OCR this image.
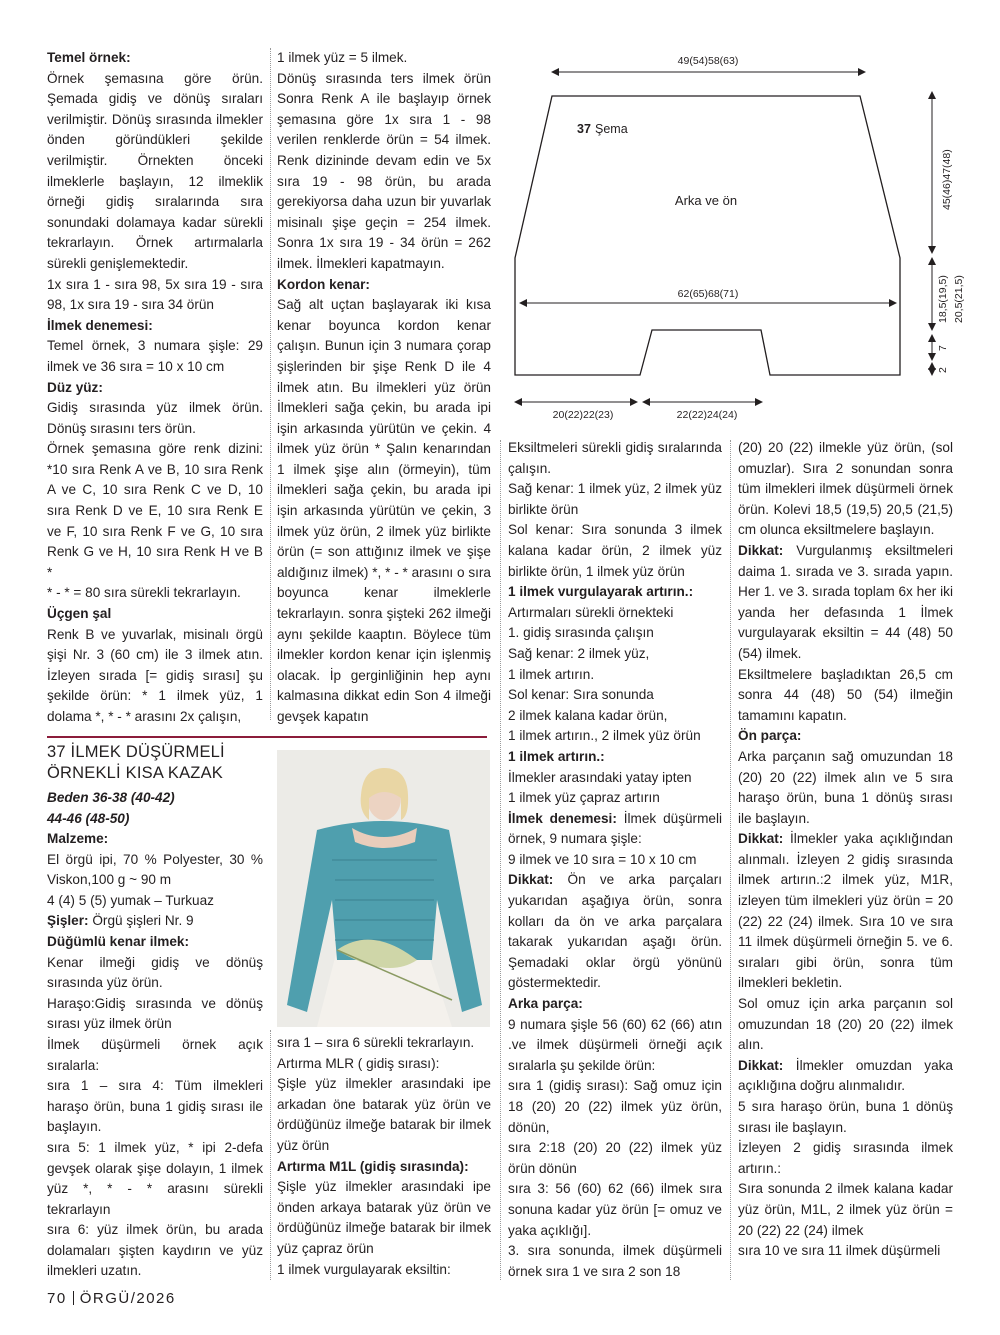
Temel örnek:

Örnek şemasına göre örün. Şemada gidiş ve dönüş sıraları verilmiştir. Dönüş sırasında ilmekler önden göründükleri şekilde verilmiştir. Örnekten önceki ilmeklerle başlayın, 12 ilmeklik örneği gidiş sıralarında sıra sonundaki dolamaya kadar sürekli tekrarlayın. Örnek artırmalarla sürekli genişlemektedir.

1x sıra 1 - sıra 98, 5x sıra 19 - sıra 98, 1x sıra 19 - sıra 34 örün

İlmek denemesi:

Temel örnek, 3 numara şişle: 29 ilmek ve 36 sıra = 10 x 10 cm

Düz yüz:

Gidiş sırasında yüz ilmek örün. Dönüş sırasını ters örün.

Örnek şemasına göre renk dizini: *10 sıra Renk A ve B, 10 sıra Renk A ve C, 10 sıra Renk C ve D, 10 sıra Renk D ve E, 10 sıra Renk E ve F, 10 sıra Renk F ve G, 10 sıra Renk G ve H, 10 sıra Renk H ve B *

* - * = 80 sıra sürekli tekrarlayın.

Üçgen şal

Renk B ve yuvarlak, misinalı örgü şişi Nr. 3 (60 cm) ile 3 ilmek atın. İzleyen sırada [= gidiş sırası] şu şekilde örün: * 1 ilmek yüz, 1 dolama *, * - * arasını 2x çalışın,

1 ilmek yüz = 5 ilmek.

Dönüş sırasında ters ilmek örün Sonra Renk A ile başlayıp örnek şemasına göre 1x sıra 1 - 98 verilen renklerde örün = 54 ilmek. Renk dizininde devam edin ve 5x sıra 19 - 98 örün, bu arada gerekiyorsa daha uzun bir yuvarlak misinalı şişe geçin = 254 ilmek. Sonra 1x sıra 19 - 34 örün = 262 ilmek. İlmekleri kapatmayın.

Kordon kenar:

Sağ alt uçtan başlayarak iki kısa kenar boyunca kordon kenar çalışın. Bunun için 3 numara çorap şişlerinden bir şişe Renk D ile 4 ilmek atın. Bu ilmekleri yüz örün İlmekleri sağa çekin, bu arada ipi işin arkasında yürütün ve çekin. 4 ilmek yüz örün * Şalın kenarından 1 ilmek şişe alın (örmeyin), tüm ilmekleri sağa çekin, bu arada ipi işin arkasında yürütün ve çekin, 3 ilmek yüz örün, 2 ilmek yüz birlikte örün (= son attığınız ilmek ve şişe aldığınız ilmek) *, * - * arasını o sıra boyunca kenar ilmeklerle tekrarlayın. sonra şişteki 262 ilmeği aynı şekilde kaaptın. Böylece tüm ilmekler kordon kenar için işlenmiş olacak. İp gerginliğinin hep aynı kalmasına dikkat edin Son 4 ilmeği gevşek kapatın

37 İLMEK DÜŞÜRMELİ ÖRNEKLİ KISA KAZAK
Beden 36-38 (40-42)
44-46 (48-50)

Malzeme:

El örgü ipi, 70 % Polyester, 30 % Viskon,100 g ~ 90 m

4 (4) 5 (5) yumak – Turkuaz

Şişler: Örgü şişleri Nr. 9

Düğümlü kenar ilmek:

Kenar ilmeği gidiş ve dönüş sırasında yüz örün.

Haraşo:Gidiş sırasında ve dönüş sırası yüz ilmek örün

İlmek düşürmeli örnek açık sıralarla:

sıra 1 – sıra 4: Tüm ilmekleri haraşo örün, buna 1 gidiş sırası ile başlayın.

sıra 5: 1 ilmek yüz, * ipi 2-defa gevşek olarak şişe dolayın, 1 ilmek yüz *, * - * arasını sürekli tekrarlayın

sıra 6: yüz ilmek örün, bu arada dolamaları şişten kaydırın ve yüz ilmekleri uzatın.

sıra 1 – sıra 6 sürekli tekrarlayın.

Artırma MLR ( gidiş sırası):

Şişle yüz ilmekler arasındaki ipe arkadan öne batarak yüz örün ve ördüğünüz ilmeğe batarak bir ilmek yüz örün

Artırma M1L (gidiş sırasında):

Şişle yüz ilmekler arasındaki ipe önden arkaya batarak yüz örün ve ördüğünüz ilmeğe batarak bir ilmek yüz çapraz örün

1 ilmek vurgulayarak eksiltin:

Eksiltmeleri sürekli gidiş sıralarında çalışın.

Sağ kenar: 1 ilmek yüz, 2 ilmek yüz birlikte örün

Sol kenar: Sıra sonunda 3 ilmek kalana kadar örün, 2 ilmek yüz birlikte örün, 1 ilmek yüz örün

1 ilmek vurgulayarak artırın.:

Artırmaları sürekli örnekteki

1. gidiş sırasında çalışın

Sağ kenar: 2 ilmek yüz,

1 ilmek artırın.

Sol kenar: Sıra sonunda

2 ilmek kalana kadar örün,

1 ilmek artırın., 2 ilmek yüz örün

1 ilmek artırın.:

İlmekler arasındaki yatay ipten

1 ilmek yüz çapraz artırın

İlmek denemesi: İlmek düşürmeli örnek, 9 numara şişle:

9 ilmek ve 10 sıra = 10 x 10 cm

Dikkat: Ön ve arka parçaları yukarıdan aşağıya örün, sonra kolları da ön ve arka parçalara takarak yukarıdan aşağı örün. Şemadaki oklar örgü yönünü göstermektedir.

Arka parça:

9 numara şişle 56 (60) 62 (66) atın .ve ilmek düşürmeli örneği açık sıralarla şu şekilde örün:

sıra 1 (gidiş sırası): Sağ omuz için 18 (20) 20 (22) ilmek yüz örün, dönün,

sıra 2:18 (20) 20 (22) ilmek yüz örün dönün

sıra 3: 56 (60) 62 (66) ilmek sıra sonuna kadar yüz örün [= omuz ve yaka açıklığı].

3. sıra sonunda, ilmek düşürmeli örnek sıra 1 ve sıra 2 son 18

(20) 20 (22) ilmekle yüz örün, (sol omuzlar). Sıra 2 sonundan sonra tüm ilmekleri ilmek düşürmeli örnek örün. Kolevi 18,5 (19,5) 20,5 (21,5) cm olunca eksiltmelere başlayın.

Dikkat: Vurgulanmış eksiltmeleri daima 1. sırada ve 3. sırada yapın. Her 1. ve 3. sırada toplam 6x her iki yanda her defasında 1 İlmek vurgulayarak eksiltin = 44 (48) 50 (54) ilmek.

Eksiltmelere başladıktan 26,5 cm sonra 44 (48) 50 (54) ilmeğin tamamını kapatın.

Ön parça:

Arka parçanın sağ omuzundan 18 (20) 20 (22) ilmek alın ve 5 sıra haraşo örün, buna 1 dönüş sırası ile başlayın.

Dikkat: İlmekler yaka açıklığından alınmalı. İzleyen 2 gidiş sırasında ilmek artırın.:2 ilmek yüz, M1R, izleyen tüm ilmekleri yüz örün = 20 (22) 22 (24) ilmek. Sıra 10 ve sıra 11 ilmek düşürmeli örneğin 5. ve 6. sıraları gibi örün, sonra tüm ilmekleri bekletin.

Sol omuz için arka parçanın sol omuzundan 18 (20) 20 (22) ilmek alın.

Dikkat: İlmekler omuzdan yaka açıklığına doğru alınmalıdır.

5 sıra haraşo örün, buna 1 dönüş sırası ile başlayın.

İzleyen 2 gidiş sırasında ilmek artırın.:

Sıra sonunda 2 ilmek kalana kadar yüz örün, M1L, 2 ilmek yüz örün = 20 (22) 22 (24) ilmek

sıra 10 ve sıra 11 ilmek düşürmeli

49(54)58(63)
37 Şema
Arka ve ön
62(65)68(71)
45(46)47(48)
18,5(19,5) 20,5(21,5)
7
2
20(22)22(23)	22(22)24(24)
70 ÖRGÜ/2026
